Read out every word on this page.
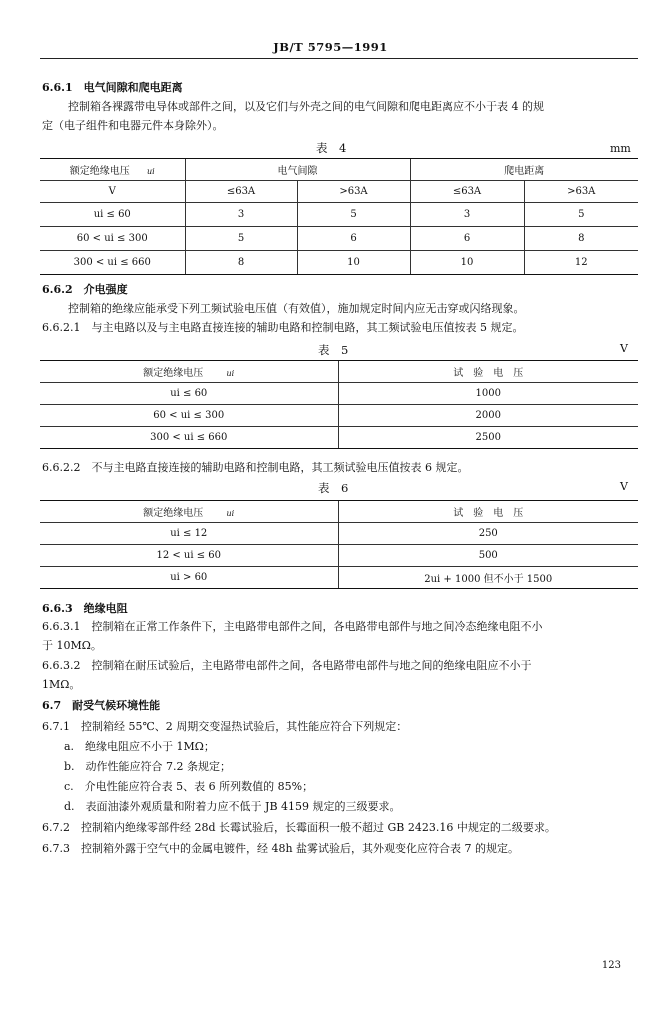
JB/T 5795—1991
6.6.1　电气间隙和爬电距离
控制箱各裸露带电导体或部件之间，以及它们与外壳之间的电气间隙和爬电距离应不小于表 4 的规
定（电子组件和电器元件本身除外）。
表　4	mm
额定绝缘电压 ui	电气间隙		爬电距离	
V	≤63A	>63A	≤63A	>63A
ui ≤ 60	3	5	3	5
60 < ui ≤ 300	5	6	6	8
300 < ui ≤ 660	8	10	10	12
6.6.2　介电强度
控制箱的绝缘应能承受下列工频试验电压值（有效值），施加规定时间内应无击穿或闪络现象。
6.6.2.1　与主电路以及与主电路直接连接的辅助电路和控制电路，其工频试验电压值按表 5 规定。
表　5	V
额定绝缘电压 ui	试　验　电　压
ui ≤ 60	1000
60 < ui ≤ 300	2000
300 < ui ≤ 660	2500
6.6.2.2　不与主电路直接连接的辅助电路和控制电路，其工频试验电压值按表 6 规定。
表　6	V
额定绝缘电压 ui	试　验　电　压
ui ≤ 12	250
12 < ui ≤ 60	500
ui > 60	2ui + 1000 但不小于 1500
6.6.3　绝缘电阻
6.6.3.1　控制箱在正常工作条件下，主电路带电部件之间，各电路带电部件与地之间冷态绝缘电阻不小
于 10MΩ。
6.6.3.2　控制箱在耐压试验后，主电路带电部件之间，各电路带电部件与地之间的绝缘电阻应不小于
1MΩ。
6.7　耐受气候环境性能
6.7.1　控制箱经 55℃、2 周期交变湿热试验后，其性能应符合下列规定：
a.　绝缘电阻应不小于 1MΩ；
b.　动作性能应符合 7.2 条规定；
c.　介电性能应符合表 5、表 6 所列数值的 85%；
d.　表面油漆外观质量和附着力应不低于 JB 4159 规定的三级要求。
6.7.2　控制箱内绝缘零部件经 28d 长霉试验后，长霉面积一般不超过 GB 2423.16 中规定的二级要求。
6.7.3　控制箱外露于空气中的金属电镀件，经 48h 盐雾试验后，其外观变化应符合表 7 的规定。
123
